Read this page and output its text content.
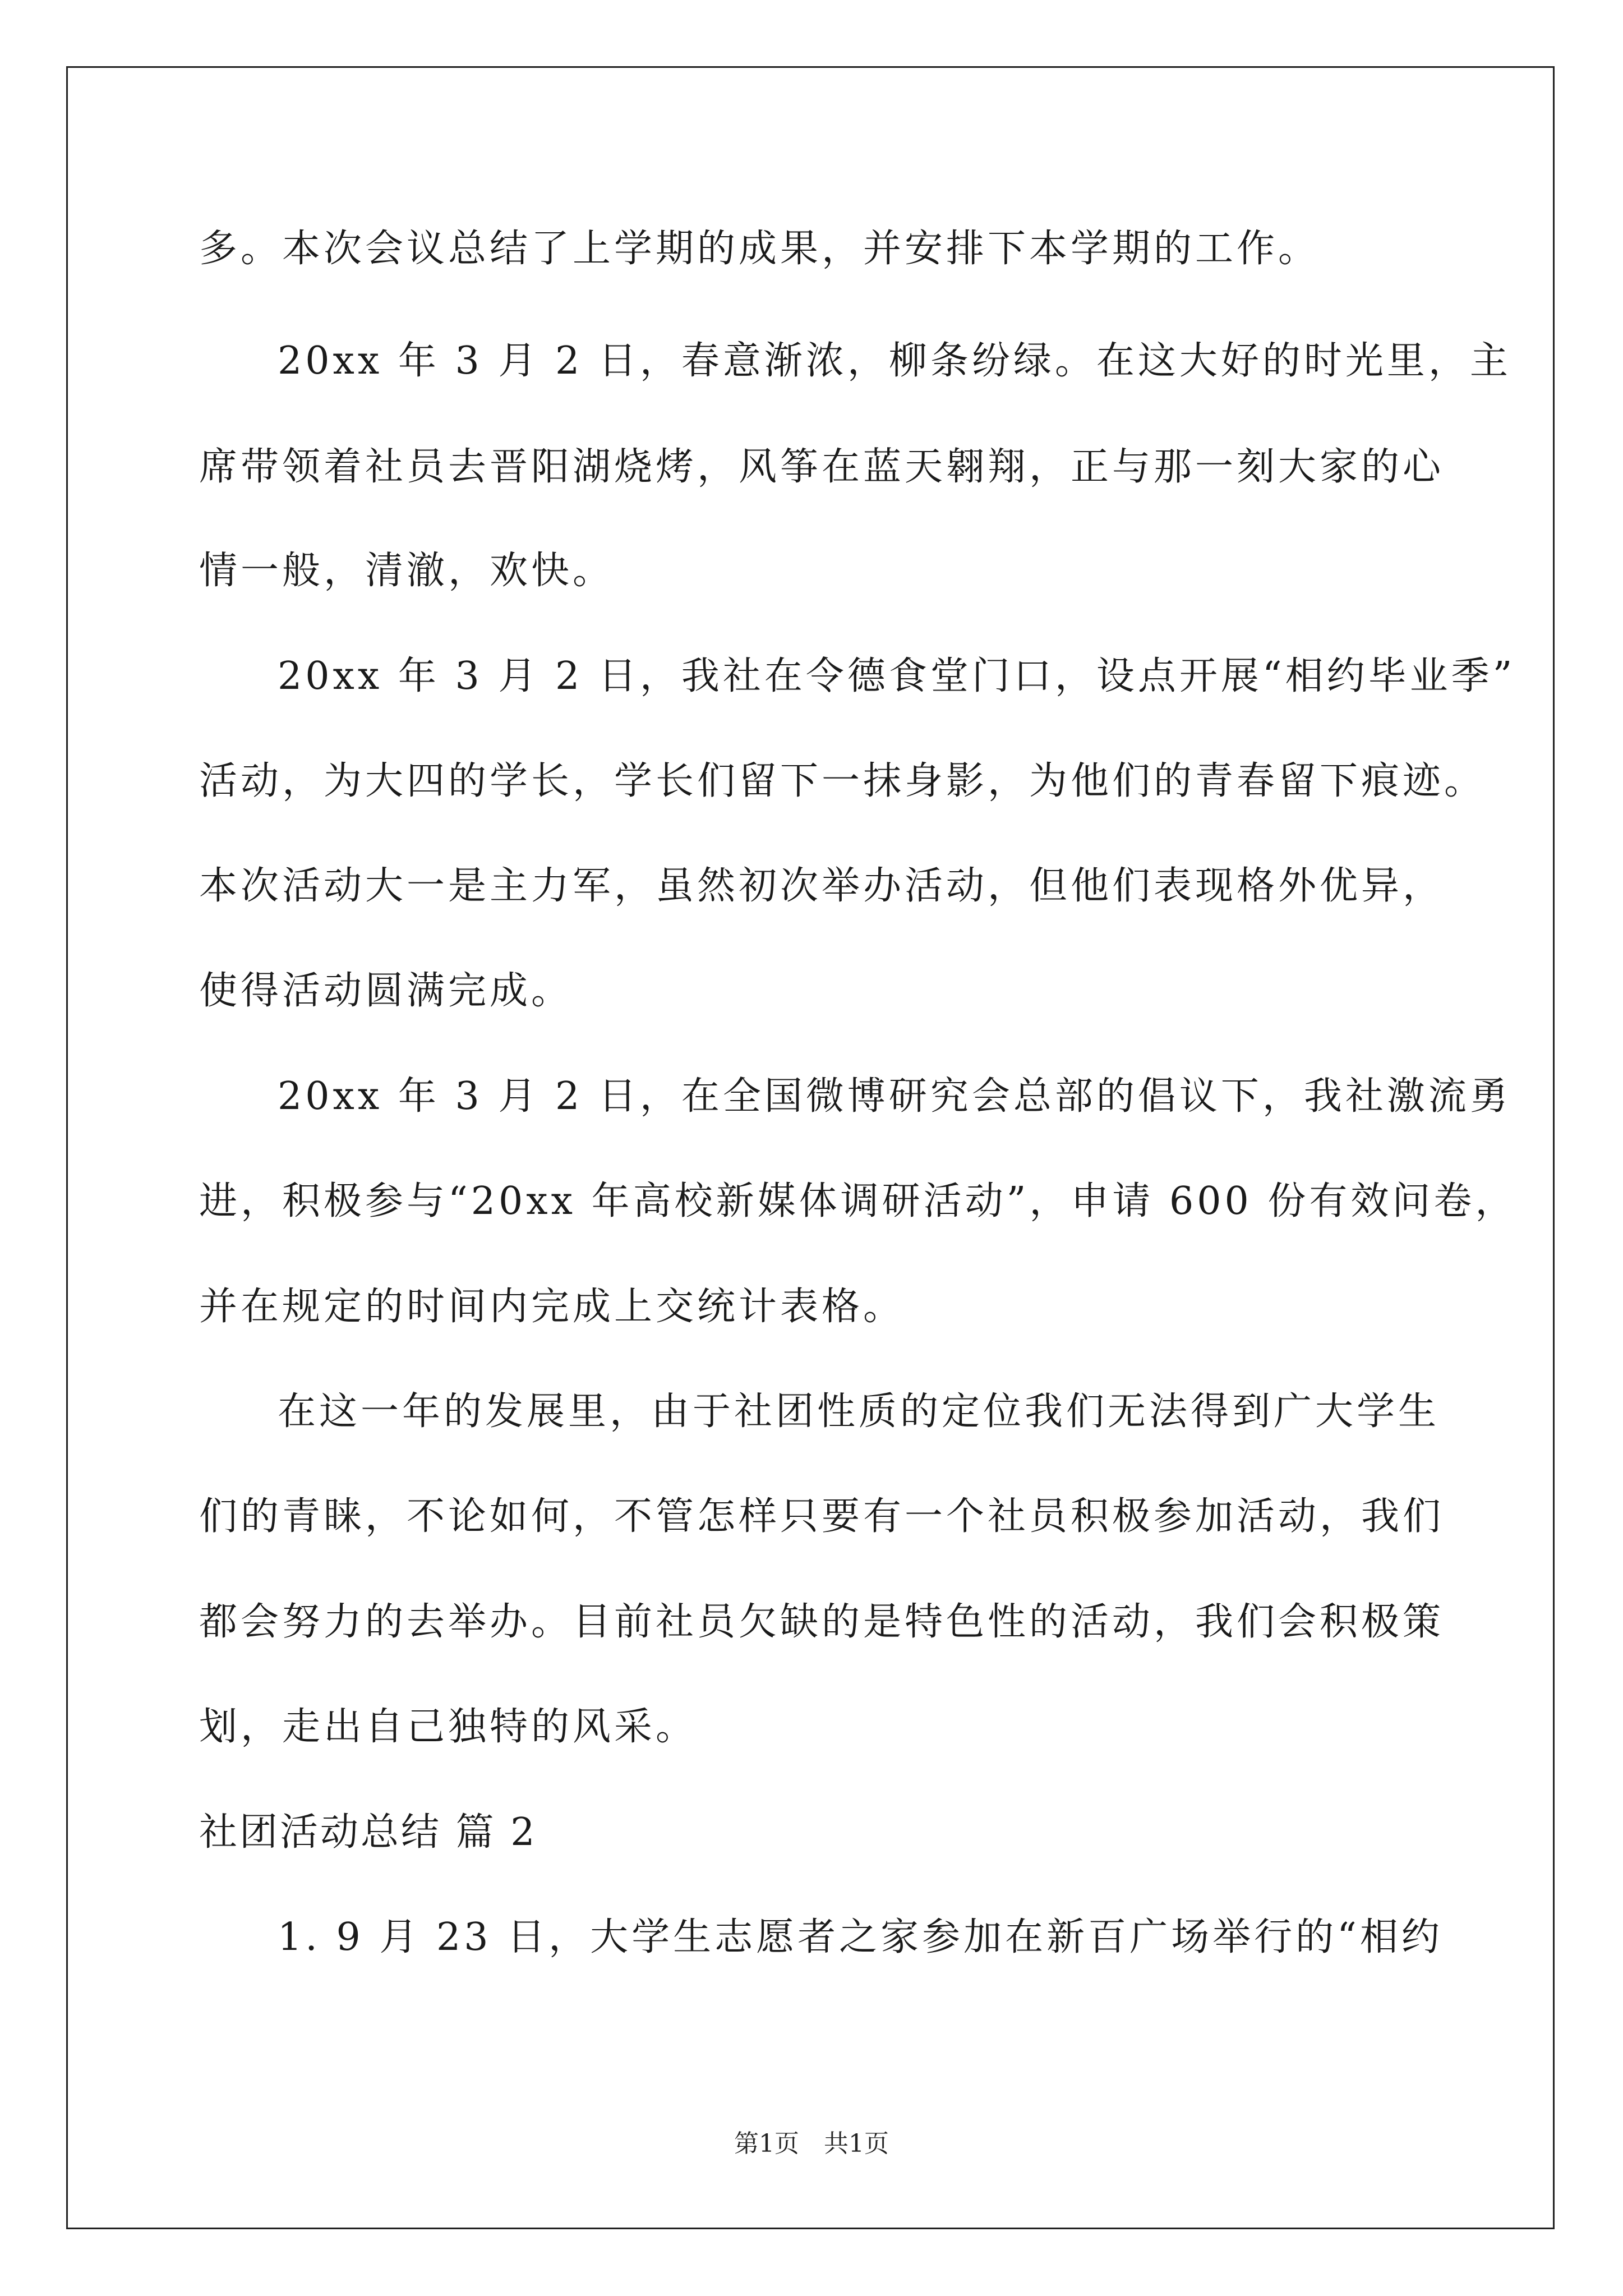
多。本次会议总结了上学期的成果，并安排下本学期的工作。
20xx 年 3 月 2 日，春意渐浓，柳条纷绿。在这大好的时光里，主
席带领着社员去晋阳湖烧烤，风筝在蓝天翱翔，正与那一刻大家的心
情一般，清澈，欢快。
20xx 年 3 月 2 日，我社在令德食堂门口，设点开展“相约毕业季”
活动，为大四的学长，学长们留下一抹身影，为他们的青春留下痕迹。
本次活动大一是主力军，虽然初次举办活动，但他们表现格外优异，
使得活动圆满完成。
20xx 年 3 月 2 日，在全国微博研究会总部的倡议下，我社激流勇
进，积极参与“20xx 年高校新媒体调研活动”，申请 600 份有效问卷，
并在规定的时间内完成上交统计表格。
在这一年的发展里，由于社团性质的定位我们无法得到广大学生
们的青睐，不论如何，不管怎样只要有一个社员积极参加活动，我们
都会努力的去举办。目前社员欠缺的是特色性的活动，我们会积极策
划，走出自己独特的风采。
社团活动总结 篇 2
1. 9 月 23 日，大学生志愿者之家参加在新百广场举行的“相约
第1页 共1页
